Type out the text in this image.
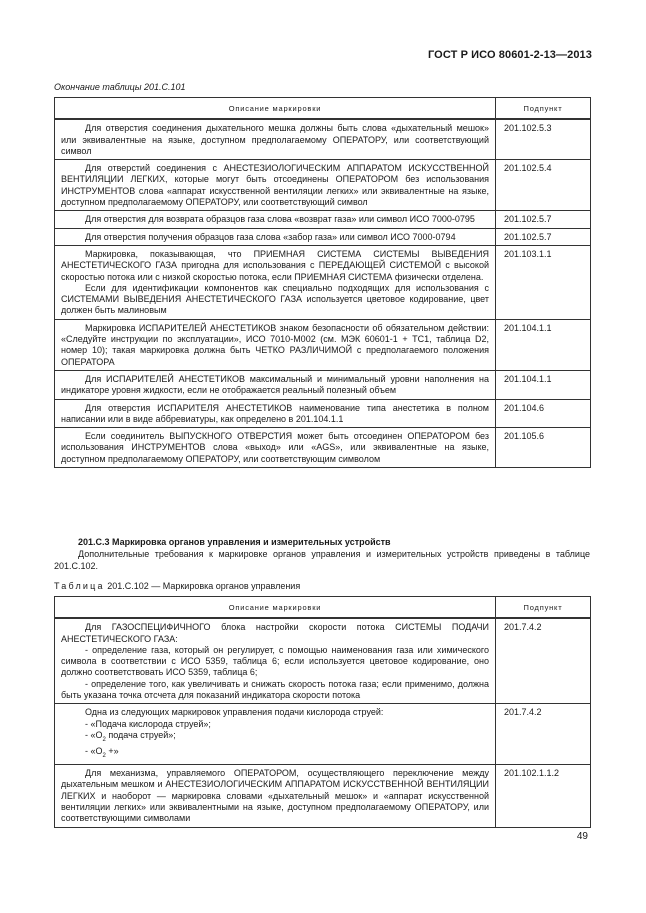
ГОСТ Р ИСО 80601-2-13—2013
Окончание таблицы 201.С.101
Описание маркировки	Подпункт

Для отверстия соединения дыхательного мешка должны быть слова «дыхательный мешок» или эквивалентные на языке, доступном предполагаемому ОПЕРАТОРУ, или соответствующий символ	201.102.5.3

Для отверстий соединения с АНЕСТЕЗИОЛОГИЧЕСКИМ АППАРАТОМ ИСКУССТВЕННОЙ ВЕНТИЛЯЦИИ ЛЕГКИХ, которые могут быть отсоединены ОПЕРАТОРОМ без использования ИНСТРУМЕНТОВ слова «аппарат искусственной вентиляции легких» или эквивалентные на языке, доступном предполагаемому ОПЕРАТОРУ, или соответствующий символ	201.102.5.4

Для отверстия для возврата образцов газа слова «возврат газа» или символ ИСО 7000-0795	201.102.5.7

Для отверстия получения образцов газа слова «забор газа» или символ ИСО 7000-0794	201.102.5.7

Маркировка, показывающая, что ПРИЕМНАЯ СИСТЕМА СИСТЕМЫ ВЫВЕДЕНИЯ АНЕСТЕТИЧЕСКОГО ГАЗА пригодна для использования с ПЕРЕДАЮЩЕЙ СИСТЕМОЙ с высокой скоростью потока или с низкой скоростью потока, если ПРИЕМНАЯ СИСТЕМА физически отделена.
Если для идентификации компонентов как специально подходящих для использования с СИСТЕМАМИ ВЫВЕДЕНИЯ АНЕСТЕТИЧЕСКОГО ГАЗА используется цветовое кодирование, цвет должен быть малиновым	201.103.1.1

Маркировка ИСПАРИТЕЛЕЙ АНЕСТЕТИКОВ знаком безопасности об обязательном действии: «Следуйте инструкции по эксплуатации», ИСО 7010-М002 (см. МЭК 60601-1 + ТС1, таблица D2, номер 10); такая маркировка должна быть ЧЕТКО РАЗЛИЧИМОЙ с предполагаемого положения ОПЕРАТОРА	201.104.1.1

Для ИСПАРИТЕЛЕЙ АНЕСТЕТИКОВ максимальный и минимальный уровни наполнения на индикаторе уровня жидкости, если не отображается реальный полезный объем	201.104.1.1

Для отверстия ИСПАРИТЕЛЯ АНЕСТЕТИКОВ наименование типа анестетика в полном написании или в виде аббревиатуры, как определено в 201.104.1.1	201.104.6

Если соединитель ВЫПУСКНОГО ОТВЕРСТИЯ может быть отсоединен ОПЕРАТОРОМ без использования ИНСТРУМЕНТОВ слова «выход» или «AGS», или эквивалентные на языке, доступном предполагаемому ОПЕРАТОРУ, или соответствующим символом	201.105.6
201.С.3 Маркировка органов управления и измерительных устройств
Дополнительные требования к маркировке органов управления и измерительных устройств приведены в таблице 201.С.102.
Таблица 201.С.102 — Маркировка органов управления
Описание маркировки	Подпункт

Для ГАЗОСПЕЦИФИЧНОГО блока настройки скорости потока СИСТЕМЫ ПОДАЧИ АНЕСТЕТИЧЕСКОГО ГАЗА:
- определение газа, который он регулирует, с помощью наименования газа или химического символа в соответствии с ИСО 5359, таблица 6; если используется цветовое кодирование, оно должно соответствовать ИСО 5359, таблица 6;
- определение того, как увеличивать и снижать скорость потока газа; если применимо, должна быть указана точка отсчета для показаний индикатора скорости потока	201.7.4.2

Одна из следующих маркировок управления подачи кислорода струей:
- «Подача кислорода струей»;
- «$O_2$ подача струей»;
- «$O_2$ +»	201.7.4.2

Для механизма, управляемого ОПЕРАТОРОМ, осуществляющего переключение между дыхательным мешком и АНЕСТЕЗИОЛОГИЧЕСКИМ АППАРАТОМ ИСКУССТВЕННОЙ ВЕНТИЛЯЦИИ ЛЕГКИХ и наоборот — маркировка словами «дыхательный мешок» и «аппарат искусственной вентиляции легких» или эквивалентными на языке, доступном предполагаемому ОПЕРАТОРУ, или соответствующими символами	201.102.1.1.2
49
